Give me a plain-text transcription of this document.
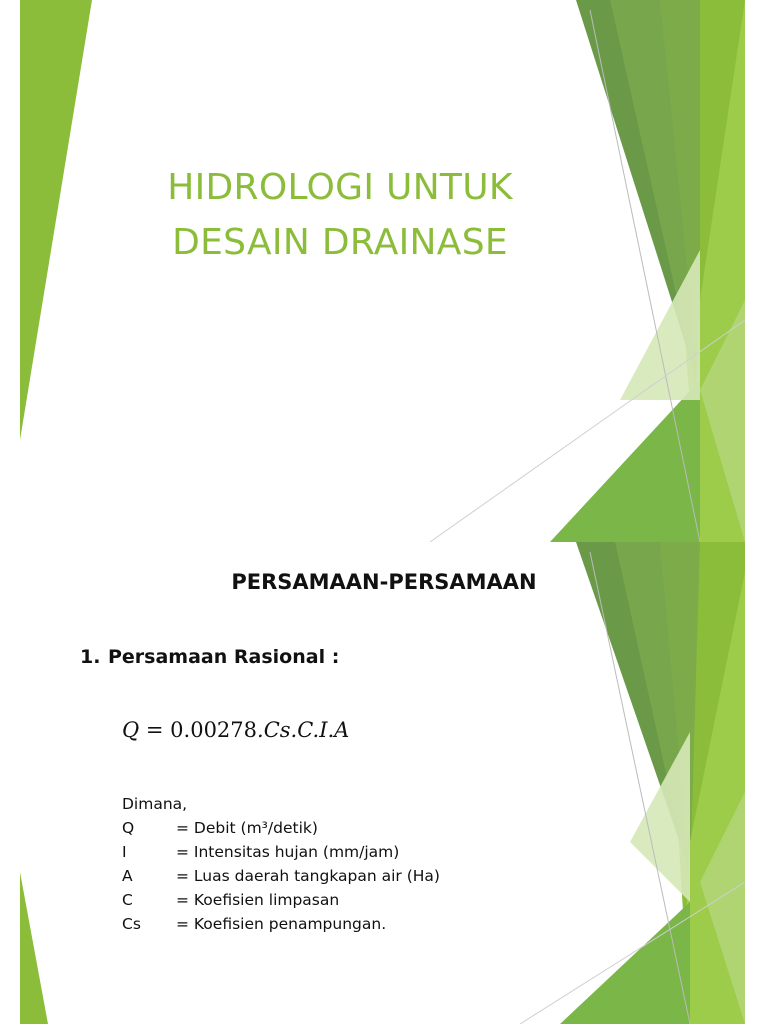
HIDROLOGI UNTUK
DESAIN DRAINASE
PERSAMAAN-PERSAMAAN
1. Persamaan Rasional :
Q = 0.00278.Cs.C.I.A
Dimana,
Q	= Debit (m³/detik)
I	= Intensitas hujan (mm/jam)
A	= Luas daerah tangkapan air (Ha)
C	= Koefisien limpasan
Cs = Koefisien penampungan.
